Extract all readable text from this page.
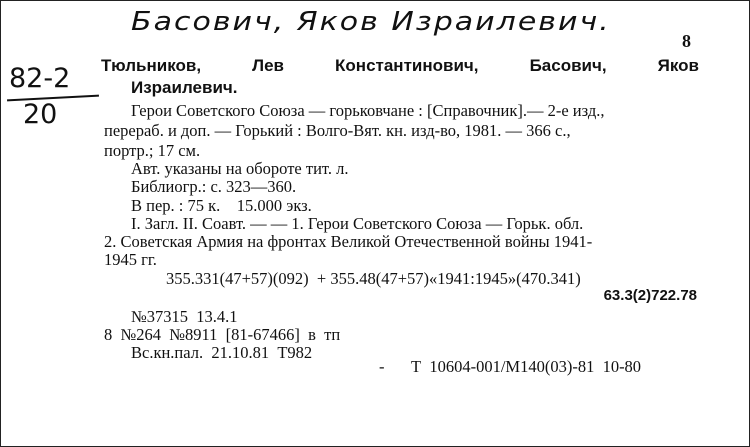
Басович, Яков Израилевич.
82-2
20
8
Тюльников,	Лев	Константинович,	Басович,	Яков
Израилевич.
Герои Советского Союза — горьковчане : [Справочник].— 2-е изд.,
перераб. и доп. — Горький : Волго-Вят. кн. изд-во, 1981. — 366 с.,
портр.; 17 см.
Авт. указаны на обороте тит. л.
Библиогр.: с. 323—360.
В пер. : 75 к.    15.000 экз.
I. Загл. II. Соавт. — — 1. Герои Советского Союза — Горьк. обл.
2. Советская Армия на фронтах Великой Отечественной войны 1941-
1945 гг.
355.331(47+57)(092)  + 355.48(47+57)«1941:1945»(470.341)
63.3(2)722.78
№37315  13.4.1
8  №264  №8911  [81-67466]  в  тп
Вс.кн.пал.  21.10.81  Т982
- Т  10604-001/М140(03)-81  10-80
